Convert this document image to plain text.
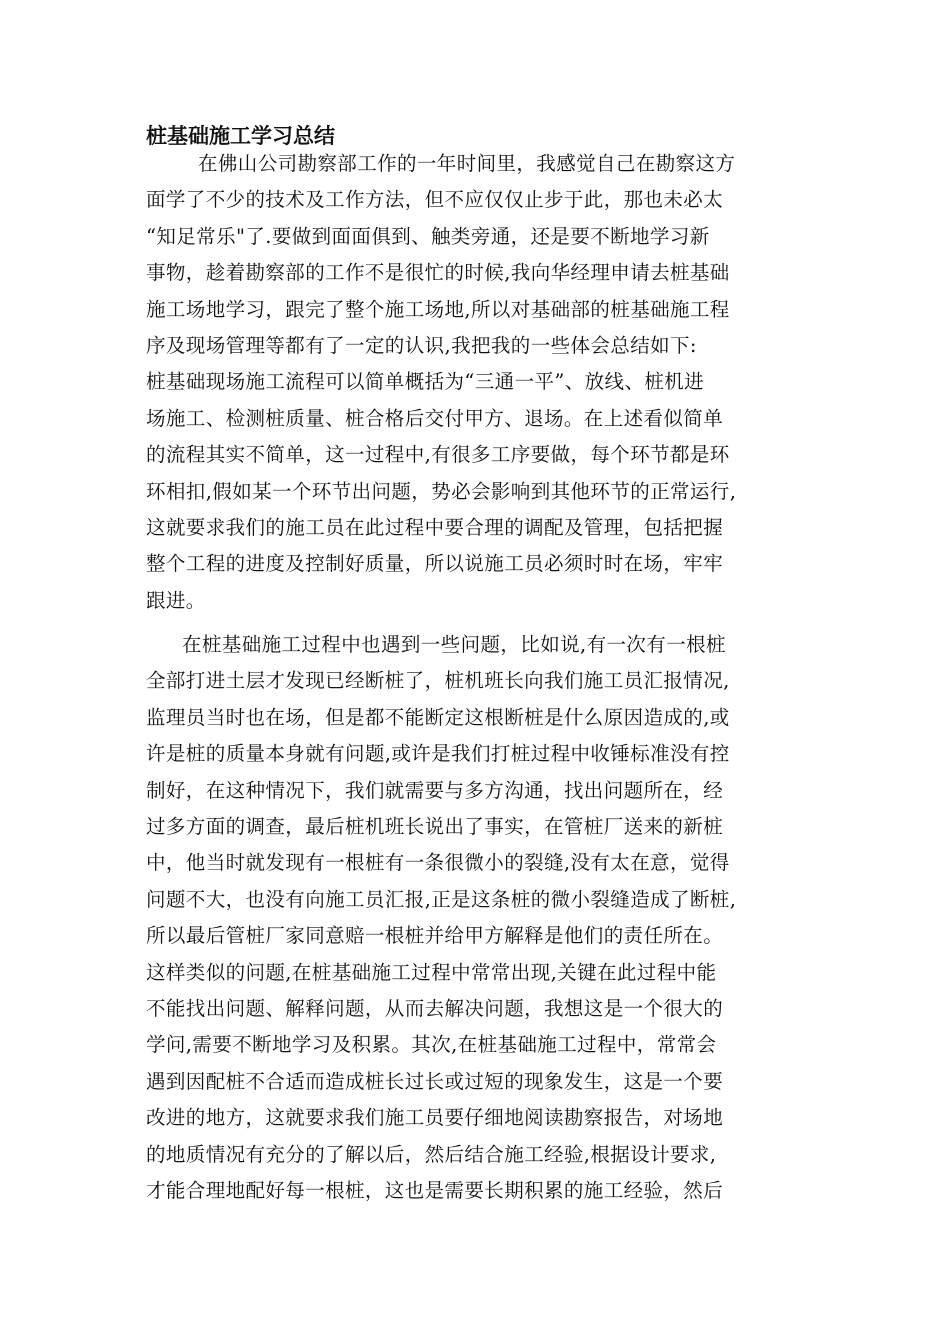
桩基础施工学习总结
在佛山公司勘察部工作的一年时间里，我感觉自己在勘察这方
面学了不少的技术及工作方法，但不应仅仅止步于此，那也未必太
“知足常乐"了.要做到面面俱到、触类旁通，还是要不断地学习新
事物，趁着勘察部的工作不是很忙的时候,我向华经理申请去桩基础
施工场地学习，跟完了整个施工场地,所以对基础部的桩基础施工程
序及现场管理等都有了一定的认识,我把我的一些体会总结如下:
桩基础现场施工流程可以简单概括为“三通一平”、放线、桩机进
场施工、检测桩质量、桩合格后交付甲方、退场。在上述看似简单
的流程其实不简单，这一过程中,有很多工序要做，每个环节都是环
环相扣,假如某一个环节出问题，势必会影响到其他环节的正常运行,
这就要求我们的施工员在此过程中要合理的调配及管理，包括把握
整个工程的进度及控制好质量，所以说施工员必须时时在场，牢牢
跟进。
在桩基础施工过程中也遇到一些问题，比如说,有一次有一根桩
全部打进土层才发现已经断桩了，桩机班长向我们施工员汇报情况,
监理员当时也在场，但是都不能断定这根断桩是什么原因造成的,或
许是桩的质量本身就有问题,或许是我们打桩过程中收锤标准没有控
制好，在这种情况下，我们就需要与多方沟通，找出问题所在，经
过多方面的调查，最后桩机班长说出了事实，在管桩厂送来的新桩
中，他当时就发现有一根桩有一条很微小的裂缝,没有太在意，觉得
问题不大，也没有向施工员汇报,正是这条桩的微小裂缝造成了断桩,
所以最后管桩厂家同意赔一根桩并给甲方解释是他们的责任所在。
这样类似的问题,在桩基础施工过程中常常出现,关键在此过程中能
不能找出问题、解释问题，从而去解决问题，我想这是一个很大的
学问,需要不断地学习及积累。其次,在桩基础施工过程中，常常会
遇到因配桩不合适而造成桩长过长或过短的现象发生，这是一个要
改进的地方，这就要求我们施工员要仔细地阅读勘察报告，对场地
的地质情况有充分的了解以后，然后结合施工经验,根据设计要求,
才能合理地配好每一根桩，这也是需要长期积累的施工经验，然后
